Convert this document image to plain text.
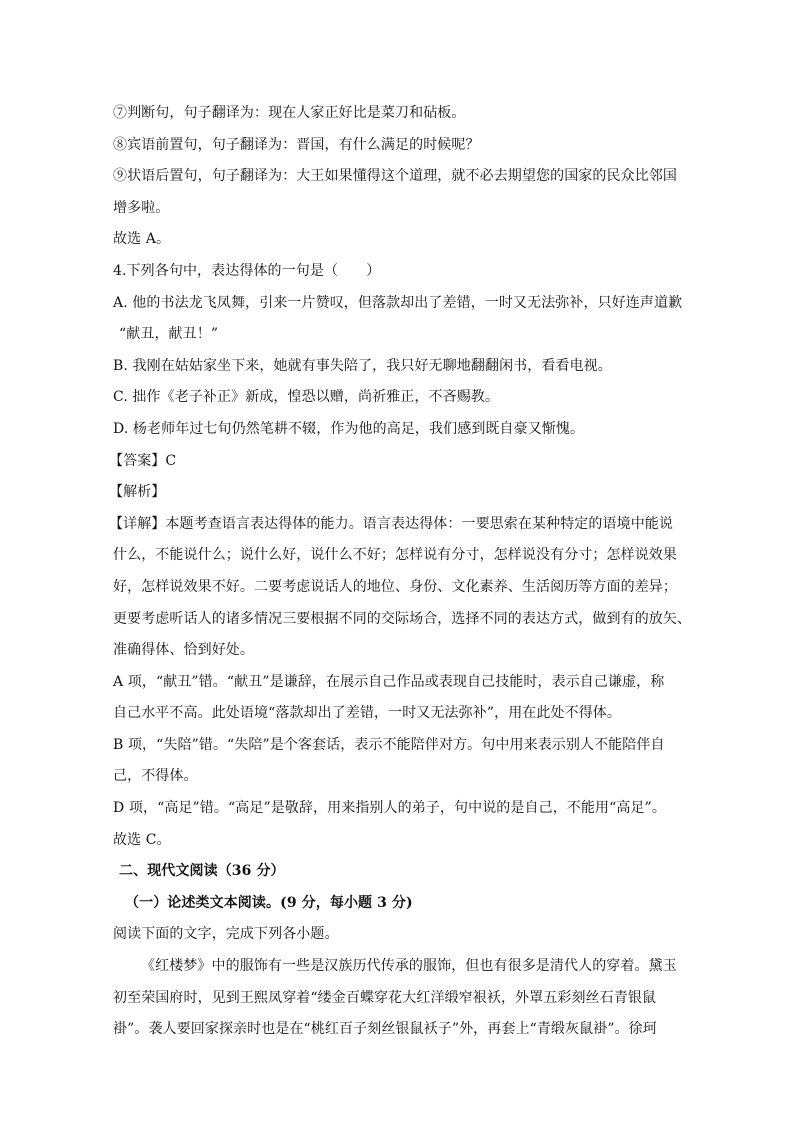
⑦判断句，句子翻译为：现在人家正好比是菜刀和砧板。
⑧宾语前置句，句子翻译为：晋国，有什么满足的时候呢？
⑨状语后置句，句子翻译为：大王如果懂得这个道理，就不必去期望您的国家的民众比邻国
增多啦。
故选 A。
4.下列各句中，表达得体的一句是（　　）
A. 他的书法龙飞凤舞，引来一片赞叹，但落款却出了差错，一时又无法弥补，只好连声道歉
“献丑，献丑！”
B. 我刚在姑姑家坐下来，她就有事失陪了，我只好无聊地翻翻闲书，看看电视。
C. 拙作《老子补正》新成，惶恐以赠，尚祈雅正，不吝赐教。
D. 杨老师年过七旬仍然笔耕不辍，作为他的高足，我们感到既自豪又惭愧。
【答案】C
【解析】
【详解】本题考查语言表达得体的能力。语言表达得体：一要思索在某种特定的语境中能说
什么，不能说什么；说什么好，说什么不好；怎样说有分寸，怎样说没有分寸；怎样说效果
好，怎样说效果不好。二要考虑说话人的地位、身份、文化素养、生活阅历等方面的差异；
更要考虑听话人的诸多情况三要根据不同的交际场合，选择不同的表达方式，做到有的放矢、
准确得体、恰到好处。
A 项，“献丑”错。“献丑”是谦辞，在展示自己作品或表现自己技能时，表示自己谦虚，称
自己水平不高。此处语境“落款却出了差错，一时又无法弥补”，用在此处不得体。
B 项，“失陪”错。“失陪”是个客套话，表示不能陪伴对方。句中用来表示别人不能陪伴自
己，不得体。
D 项，“高足”错。“高足”是敬辞，用来指别人的弟子，句中说的是自己，不能用“高足”。
故选 C。
二、现代文阅读（36 分）
（一）论述类文本阅读。(9 分，每小题 3 分)
阅读下面的文字，完成下列各小题。
《红楼梦》中的服饰有一些是汉族历代传承的服饰，但也有很多是清代人的穿着。黛玉
初至荣国府时，见到王熙凤穿着“缕金百蝶穿花大红洋缎窄裉袄，外罩五彩刻丝石青银鼠
褂”。袭人要回家探亲时也是在“桃红百子刻丝银鼠袄子”外，再套上“青缎灰鼠褂”。徐珂
